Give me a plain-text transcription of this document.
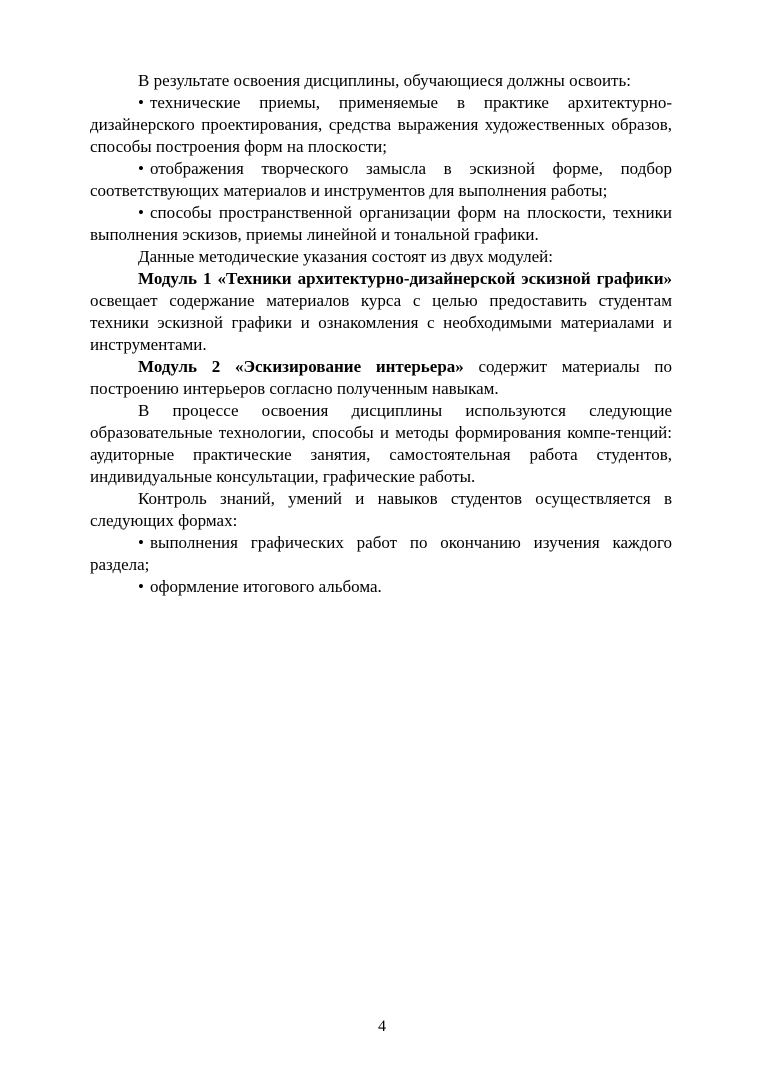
В результате освоения дисциплины, обучающиеся должны освоить:

•технические приемы, применяемые в практике архитектурно-дизайнерского проектирования, средства выражения художественных образов, способы построения форм на плоскости;

•отображения творческого замысла в эскизной форме, подбор соответствующих материалов и инструментов для выполнения работы;

•способы пространственной организации форм на плоскости, техники выполнения эскизов, приемы линейной и тональной графики.

Данные методические указания состоят из двух модулей:

Модуль 1 «Техники архитектурно-дизайнерской эскизной графики» освещает содержание материалов курса с целью предоставить студентам техники эскизной графики и ознакомления с необходимыми материалами и инструментами.

Модуль 2 «Эскизирование интерьера» содержит материалы по построению интерьеров согласно полученным навыкам.

В процессе освоения дисциплины используются следующие образовательные технологии, способы и методы формирования компе-тенций: аудиторные практические занятия, самостоятельная работа студентов, индивидуальные консультации, графические работы.

Контроль знаний, умений и навыков студентов осуществляется в следующих формах:

•выполнения графических работ по окончанию изучения каждого раздела;

•оформление итогового альбома.

4
